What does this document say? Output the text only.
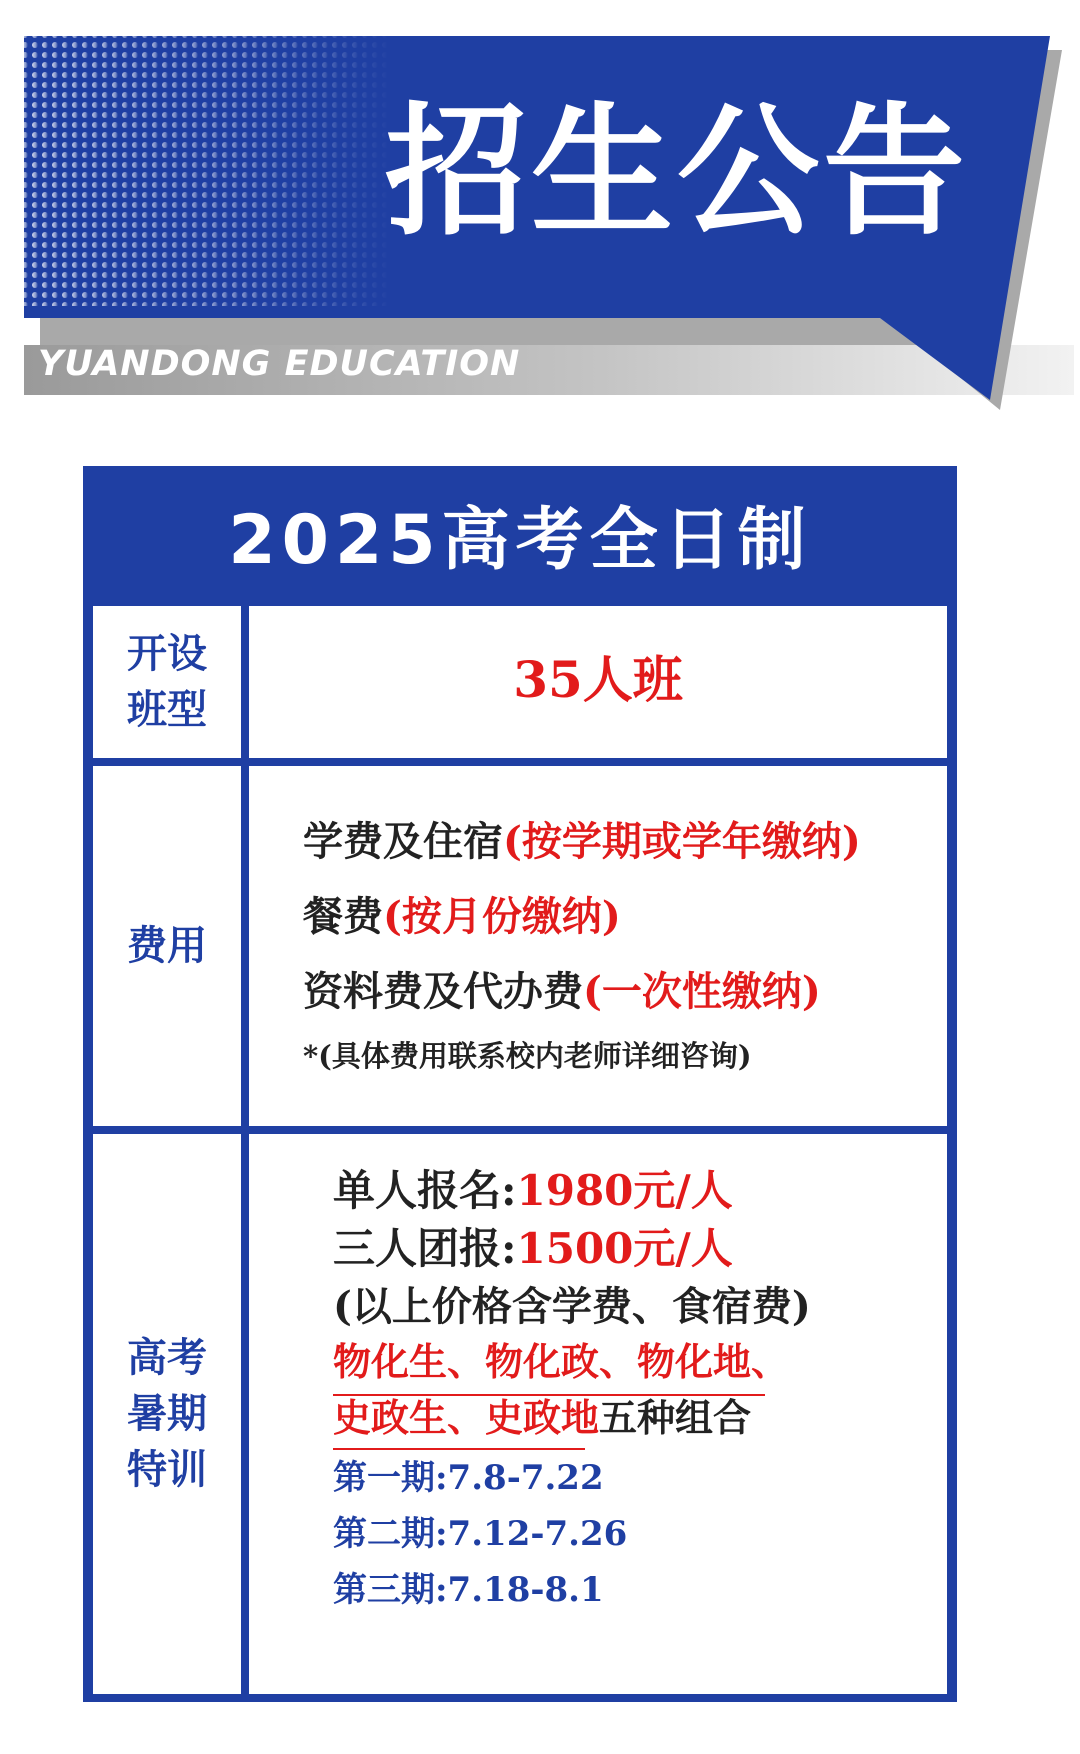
招生公告
YUANDONG EDUCATION
2025高考全日制
开设
班型
35人班
费用
学费及住宿(按学期或学年缴纳)
餐费(按月份缴纳)
资料费及代办费(一次性缴纳)
*(具体费用联系校内老师详细咨询)
高考
暑期
特训
单人报名:1980元/人
三人团报:1500元/人
(以上价格含学费、食宿费)
物化生、物化政、物化地、
史政生、史政地五种组合
第一期:7.8-7.22
第二期:7.12-7.26
第三期:7.18-8.1
